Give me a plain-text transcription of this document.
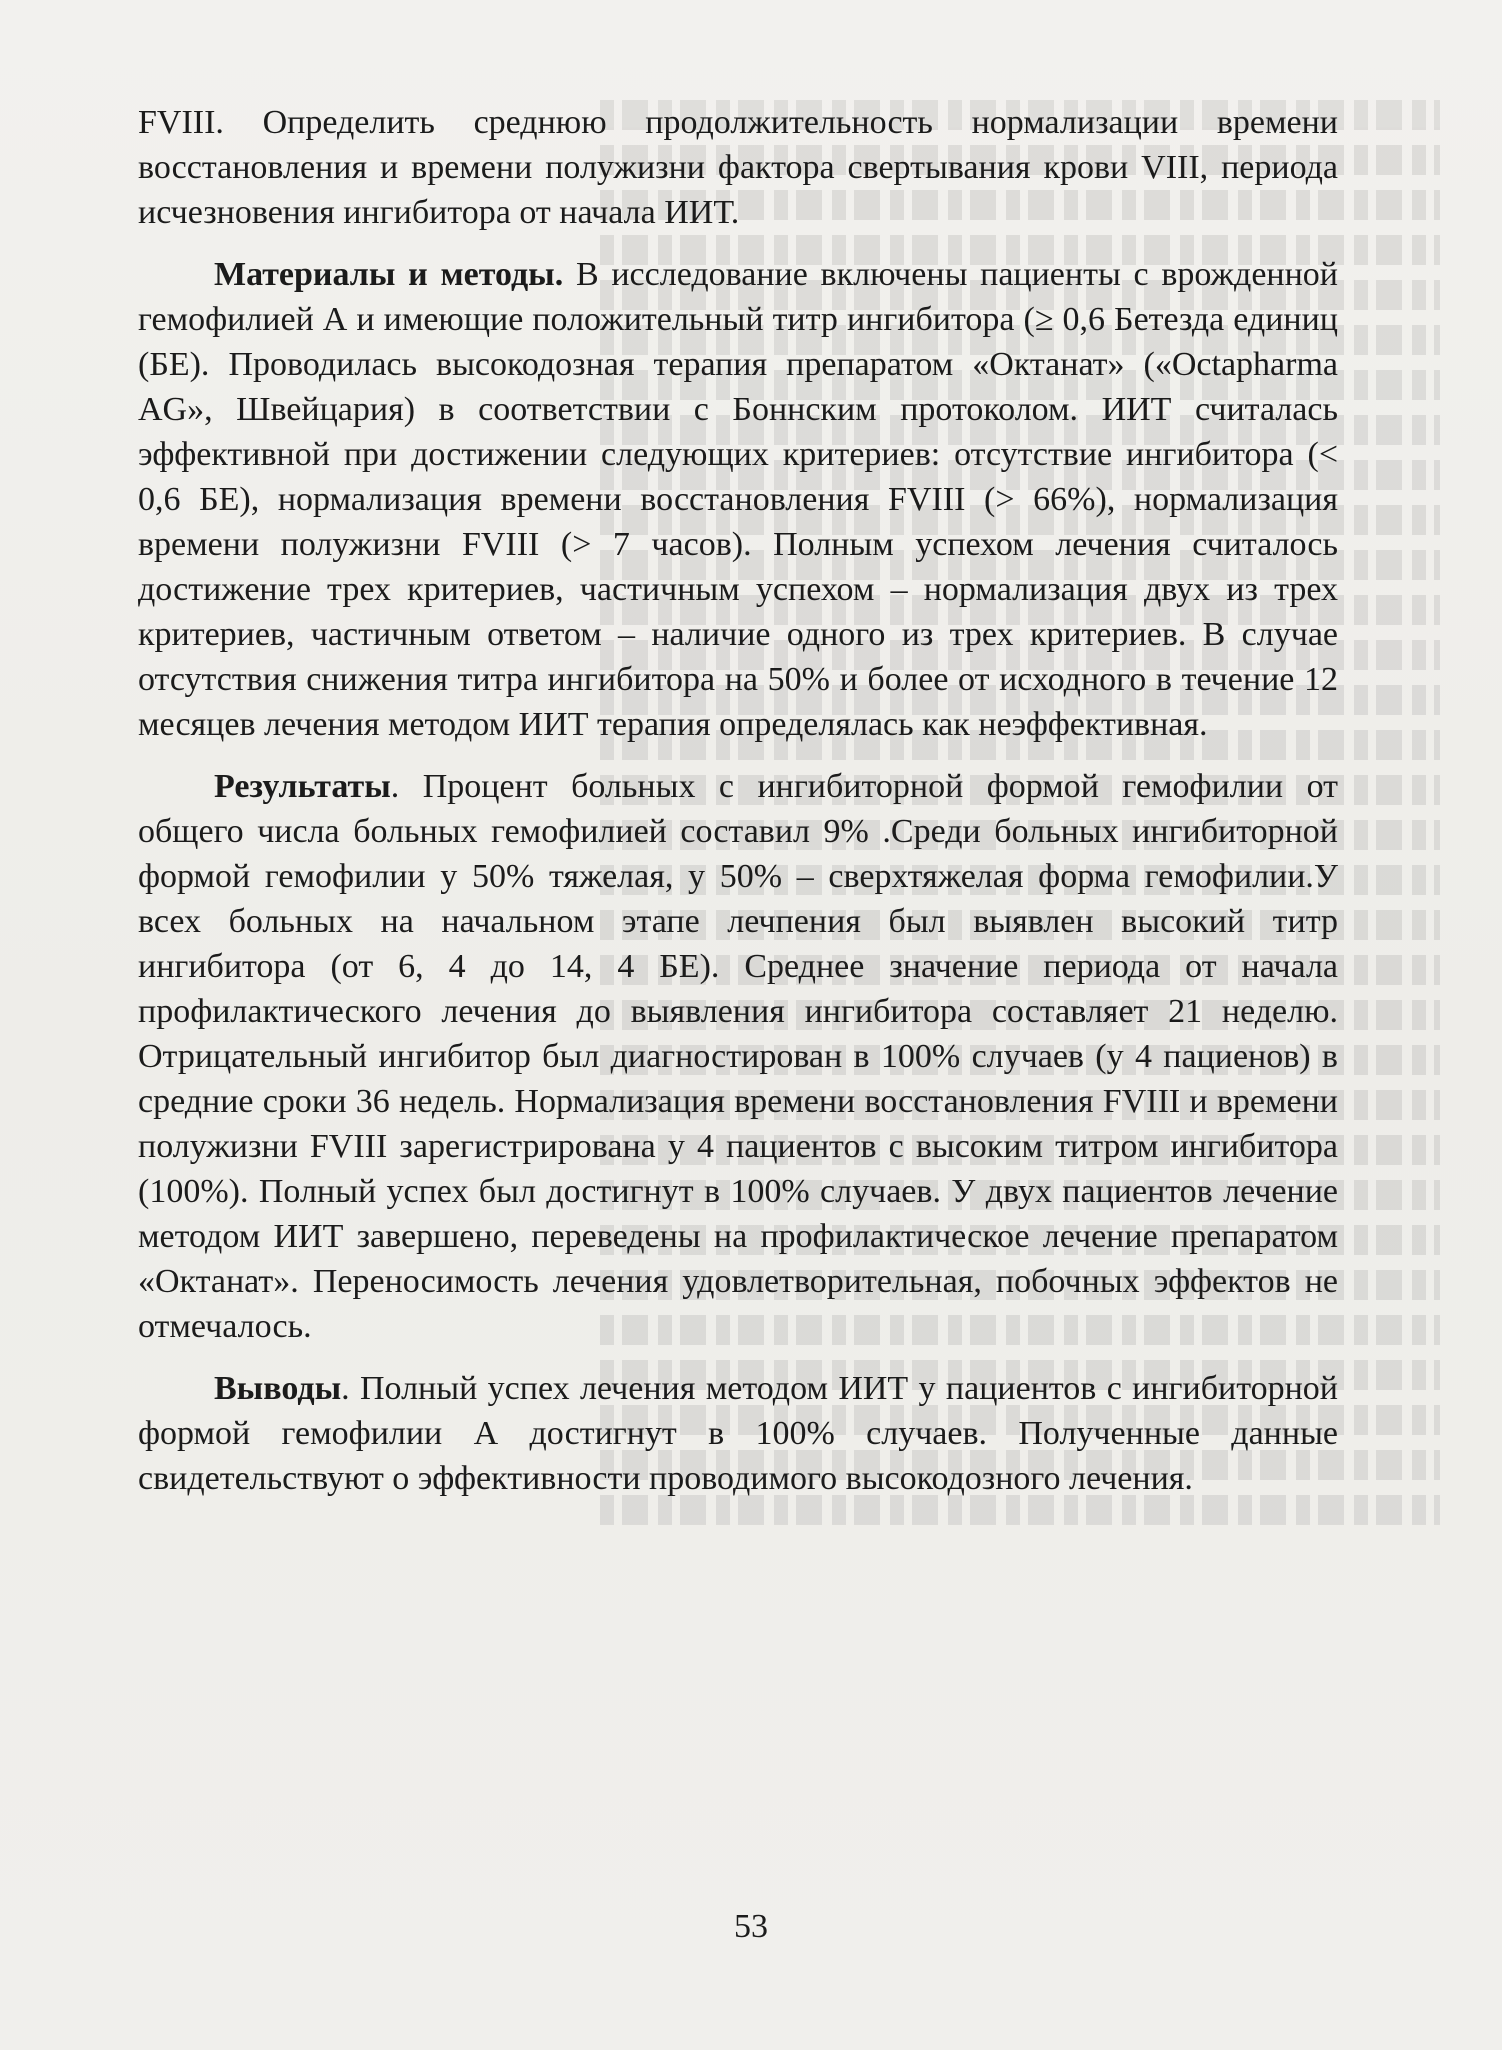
FVIII. Определить среднюю продолжительность нормализации времени восстановления и времени полужизни фактора свертывания крови VIII, периода исчезновения ингибитора от начала ИИТ.

Материалы и методы. В исследование включены пациенты с врожденной гемофилией А и имеющие положительный титр ингибитора (≥ 0,6 Бетезда единиц (БЕ). Проводилась высокодозная терапия препаратом «Октанат» («Octapharma AG», Швейцария) в соответствии с Боннским протоколом. ИИТ считалась эффективной при достижении следующих критериев: отсутствие ингибитора (< 0,6 БЕ), нормализация времени восстановления FVIII (> 66%), нормализация времени полужизни FVIII (> 7 часов). Полным успехом лечения считалось достижение трех критериев, частичным успехом – нормализация двух из трех критериев, частичным ответом – наличие одного из трех критериев. В случае отсутствия снижения титра ингибитора на 50% и более от исходного в течение 12 месяцев лечения методом ИИТ терапия определялась как неэффективная.

Результаты. Процент больных с ингибиторной формой гемофилии от общего числа больных гемофилией составил 9% .Среди больных ингибиторной формой гемофилии у 50% тяжелая, у 50% – сверхтяжелая форма гемофилии.У всех больных на начальном этапе лечпения был выявлен высокий титр ингибитора (от 6, 4 до 14, 4 БЕ). Среднее значение периода от начала профилактического лечения до выявления ингибитора составляет 21 неделю. Отрицательный ингибитор был диагностирован в 100% случаев (у 4 пациенов) в средние сроки 36 недель. Нормализация времени восстановления FVIII и времени полужизни FVIII зарегистрирована у 4 пациентов с высоким титром ингибитора (100%). Полный успех был достигнут в 100% случаев. У двух пациентов лечение методом ИИТ завершено, переведены на профилактическое лечение препаратом «Октанат». Переносимость лечения удовлетворительная, побочных эффектов не отмечалось.

Выводы. Полный успех лечения методом ИИТ у пациентов с ингибиторной формой гемофилии А достигнут в 100% случаев. Полученные данные свидетельствуют о эффективности проводимого высокодозного лечения.

53
